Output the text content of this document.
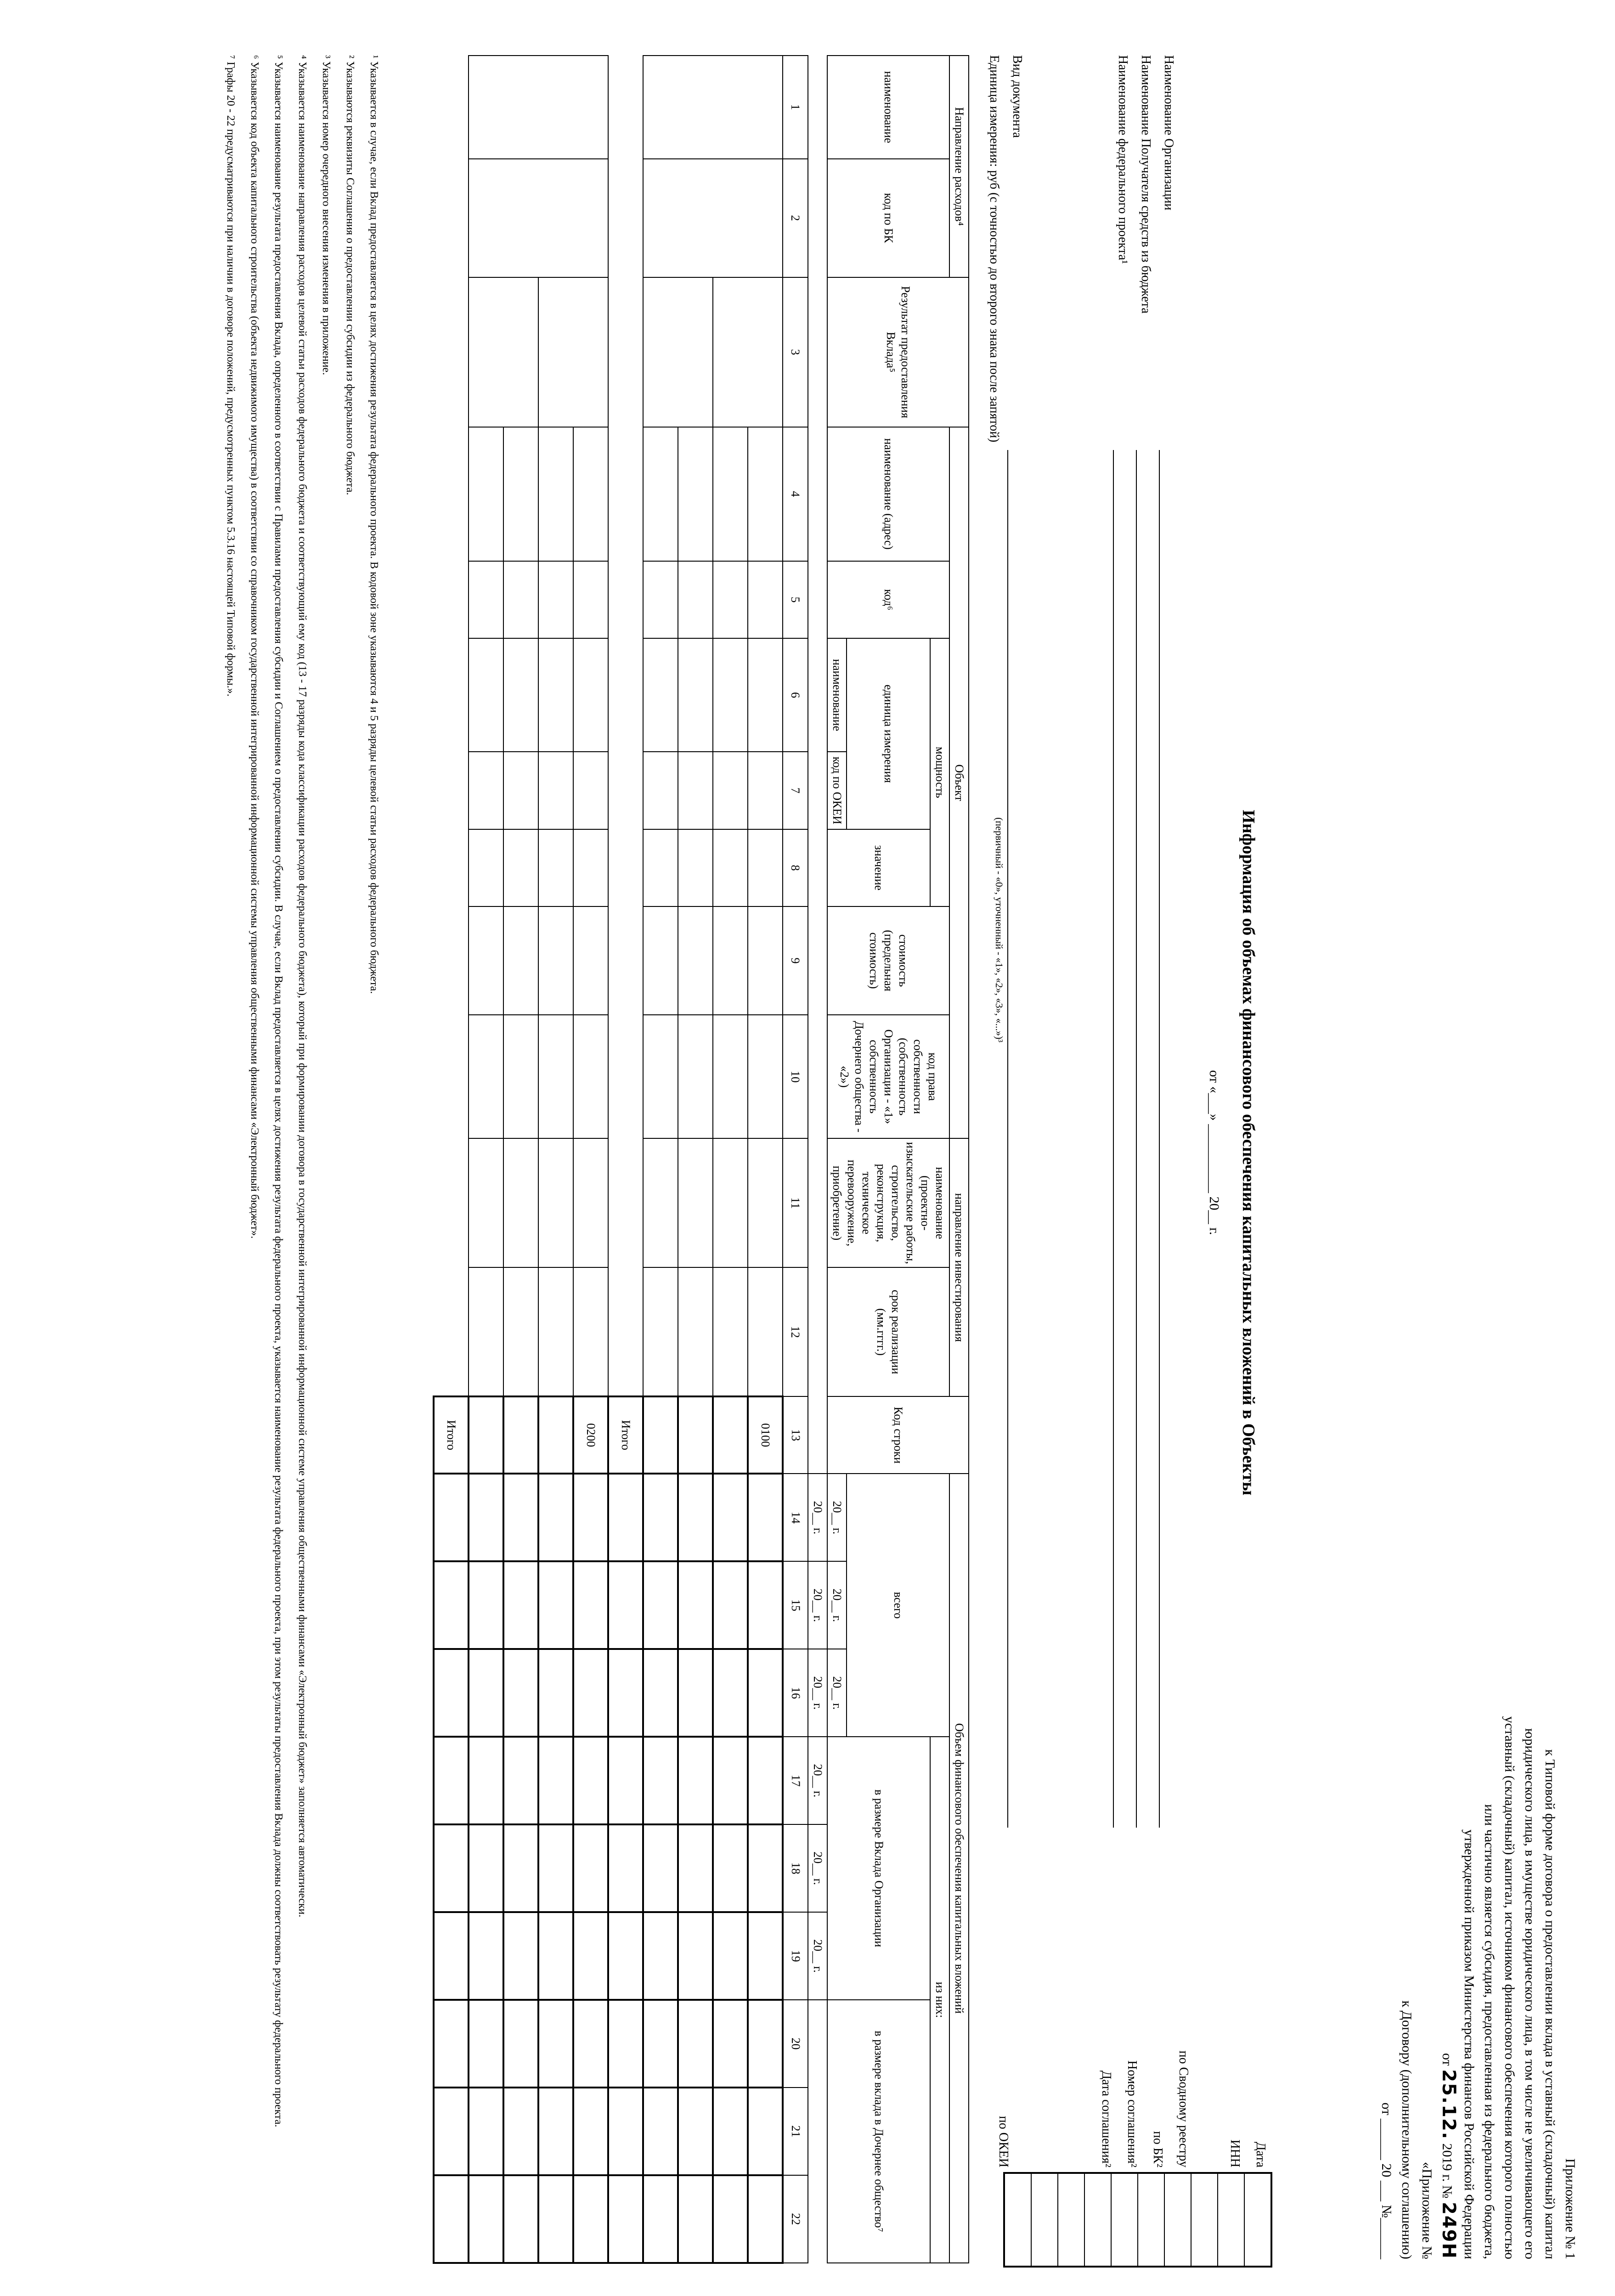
Приложение № 1
к Типовой форме договора о предоставлении вклада в уставный (складочный) капитал
юридического лица, в имуществе юридического лица, в том числе не увеличивающего его
уставный (складочный) капитал, источником финансового обеспечения которого полностью
или частично является субсидия, предоставленная из федерального бюджета,
утвержденной приказом Министерства финансов Российской Федерации
от 25.12. 2019 г. № 249Н
«Приложение №
к Договору (дополнительному соглашению)
от ______ 20 ___ №______
Информация об объемах финансового обеспечения капитальных вложений в Объекты
от «___» __________ 20__ г.
Наименование Организации
Наименование Получателя средств из бюджета
Наименование федерального проекта¹
Вид документа
(первичный - «0», уточненный - «1», «2», «3», «...»)³
Единица измерения: руб (с точностью до второго знака после запятой)
Дата
ИНН
по Сводному реестру
по БК²
Номер соглашения²
Дата соглашения²
по ОКЕИ
Направление расходов⁴		Результат предоставления Вклада⁵	Объект							направление инвестирования		Код строки	Объем финансового обеспечения капитальных вложений								
наименование	код по БК		наименование (адрес)	код⁶	мощность			стоимость (предельная стоимость)	код права собственности (собственность Организации - «1» собственность Дочернего общества - «2»)	наименование (проектно-изыскательские работы, строительство, реконструкция, техническое перевооружение, приобретение)	срок реализации (мм.гггг.)		всего			из них:					
					единица измерения		значение									в размере Вклада Организации			в размере вклада в Дочернее общество⁷		
					наименование	код по ОКЕИ							20__ г.	20__ г.	20__ г.						
													20__ г.	20__ г.	20__ г.	20__ г.	20__ г.	20__ г.			
1	2	3	4	5	6	7	8	9	10	11	12	13	14	15	16	17	18	19	20	21	22
												0100									

												Итого									
												0200									

												Итого									
¹ Указывается в случае, если Вклад предоставляется в целях достижения результата федерального проекта. В кодовой зоне указываются 4 и 5 разряды целевой статьи расходов федерального бюджета.
² Указываются реквизиты Соглашения о предоставлении субсидии из федерального бюджета.
³ Указывается номер очередного внесения изменения в приложение.
⁴ Указывается наименование направления расходов целевой статьи расходов федерального бюджета и соответствующий ему код (13 - 17 разряды кода классификации расходов федерального бюджета), который при формировании договора в государственной интегрированной информационной системе управления общественными финансами «Электронный бюджет» заполняется автоматически.
⁵ Указывается наименование результата предоставления Вклада, определенного в соответствии с Правилами предоставления субсидии и Соглашением о предоставлении субсидии. В случае, если Вклад предоставляется в целях достижения результата федерального проекта, указывается наименование результата федерального проекта, при этом результаты предоставления Вклада должны соответствовать результату федерального проекта.
⁶ Указывается код объекта капитального строительства (объекта недвижимого имущества) в соответствии со справочником государственной интегрированной информационной системы управления общественными финансами «Электронный бюджет».
⁷ Графы 20 - 22 предусматриваются при наличии в договоре положений, предусмотренных пунктом 5.3.16 настоящей Типовой формы.».
